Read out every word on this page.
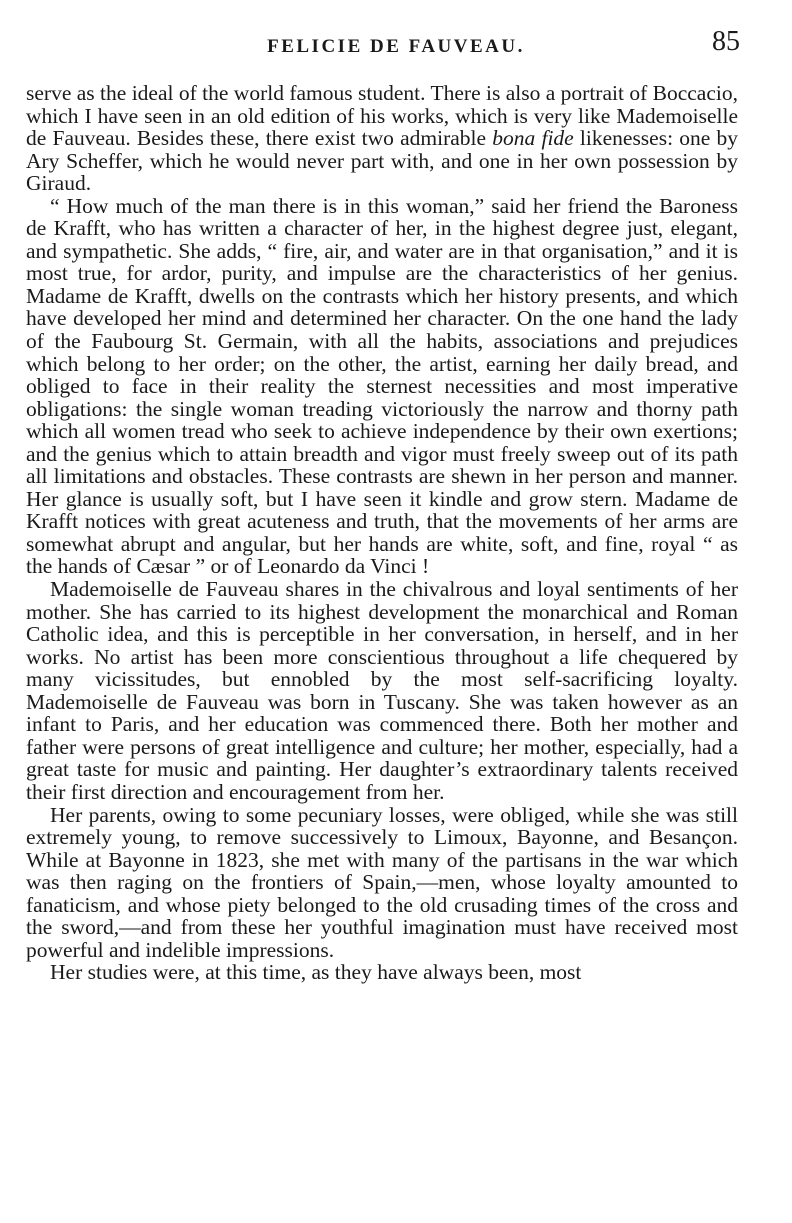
FELICIE DE FAUVEAU.	85

serve as the ideal of the world famous student. There is also a portrait of Boccacio, which I have seen in an old edition of his works, which is very like Mademoiselle de Fauveau. Besides these, there exist two admirable bona fide likenesses: one by Ary Scheffer, which he would never part with, and one in her own possession by Giraud.

“ How much of the man there is in this woman,” said her friend the Baroness de Krafft, who has written a character of her, in the highest degree just, elegant, and sympathetic. She adds, “ fire, air, and water are in that organisation,” and it is most true, for ardor, purity, and impulse are the characteristics of her genius. Madame de Krafft, dwells on the contrasts which her history presents, and which have developed her mind and determined her character. On the one hand the lady of the Faubourg St. Germain, with all the habits, associations and prejudices which belong to her order; on the other, the artist, earning her daily bread, and obliged to face in their reality the sternest necessities and most imperative obligations: the single woman treading victoriously the narrow and thorny path which all women tread who seek to achieve independence by their own exertions; and the genius which to attain breadth and vigor must freely sweep out of its path all limitations and obstacles. These contrasts are shewn in her person and manner. Her glance is usually soft, but I have seen it kindle and grow stern. Madame de Krafft notices with great acuteness and truth, that the movements of her arms are somewhat abrupt and angular, but her hands are white, soft, and fine, royal “ as the hands of Cæsar ” or of Leonardo da Vinci !

Mademoiselle de Fauveau shares in the chivalrous and loyal sentiments of her mother. She has carried to its highest development the monarchical and Roman Catholic idea, and this is perceptible in her conversation, in herself, and in her works. No artist has been more conscientious throughout a life chequered by many vicissitudes, but ennobled by the most self-sacrificing loyalty. Mademoiselle de Fauveau was born in Tuscany. She was taken however as an infant to Paris, and her education was commenced there. Both her mother and father were persons of great intelligence and culture; her mother, especially, had a great taste for music and painting. Her daughter’s extraordinary talents received their first direction and encouragement from her.

Her parents, owing to some pecuniary losses, were obliged, while she was still extremely young, to remove successively to Limoux, Bayonne, and Besançon. While at Bayonne in 1823, she met with many of the partisans in the war which was then raging on the frontiers of Spain,—men, whose loyalty amounted to fanaticism, and whose piety belonged to the old crusading times of the cross and the sword,—and from these her youthful imagination must have received most powerful and indelible impressions.

Her studies were, at this time, as they have always been, most
